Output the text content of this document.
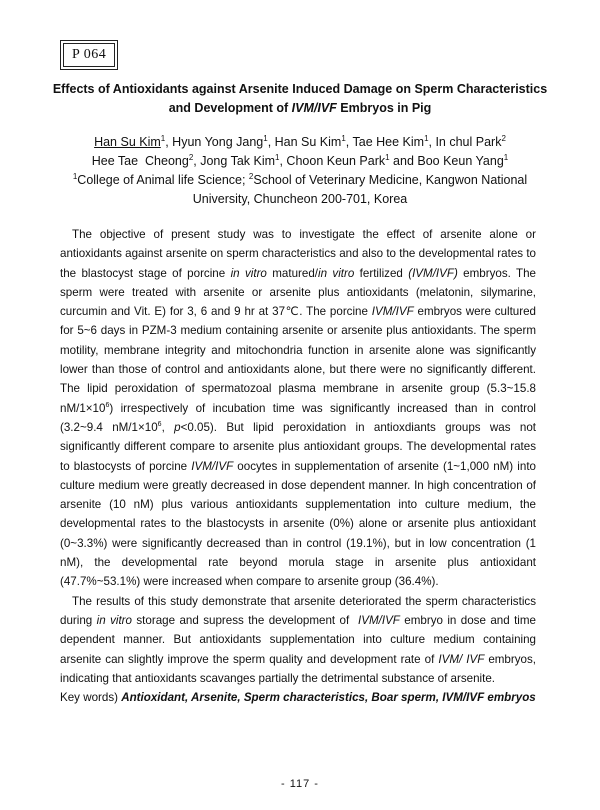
P 064
Effects of Antioxidants against Arsenite Induced Damage on Sperm Characteristics
and Development of IVM/IVF Embryos in Pig
Han Su Kim$^1$, Hyun Yong Jang$^1$, Han Su Kim$^1$, Tae Hee Kim$^1$, In chul Park$^2$
Hee Tae  Cheong$^2$, Jong Tak Kim$^1$, Choon Keun Park$^1$ and Boo Keun Yang$^1$
$^1$College of Animal life Science; $^2$School of Veterinary Medicine, Kangwon National
University, Chuncheon 200-701, Korea

The objective of present study was to investigate the effect of arsenite alone or antioxidants against arsenite on sperm characteristics and also to the developmental rates to the blastocyst stage of porcine in vitro matured/in vitro fertilized (IVM/IVF) embryos. The sperm were treated with arsenite or arsenite plus antioxidants (melatonin, silymarine, curcumin and Vit. E) for 3, 6 and 9 hr at 37℃. The porcine IVM/IVF embryos were cultured for 5~6 days in PZM-3 medium containing arsenite or arsenite plus antioxidants. The sperm motility, membrane integrity and mitochondria function in arsenite alone was significantly lower than those of control and antioxidants alone, but there were no significantly different. The lipid peroxidation of spermatozoal plasma membrane in arsenite group (5.3~15.8 $nM/1\times 10^6$) irrespectively of incubation time was significantly increased than in control (3.2~9.4 $nM/1\times 10^6$, p<0.05). But lipid peroxidation in antioxdiants groups was not significantly different compare to arsenite plus antioxidant groups. The developmental rates to blastocysts of porcine IVM/IVF oocytes in supplementation of arsenite (1~1,000 nM) into culture medium were greatly decreased in dose dependent manner. In high concentration of arsenite (10 nM) plus various antioxidants supplementation into culture medium, the developmental rates to the blastocysts in arsenite (0%) alone or arsenite plus antioxidant (0~3.3%) were significantly decreased than in control (19.1%), but in low concentration (1 nM), the developmental rate beyond morula stage in arsenite plus antioxidant (47.7%~53.1%) were increased when compare to arsenite group (36.4%).

The results of this study demonstrate that arsenite deteriorated the sperm characteristics during in vitro storage and supress the development of  IVM/IVF embryo in dose and time dependent manner. But antioxidants supplementation into culture medium containing arsenite can slightly improve the sperm quality and development rate of IVM/ IVF embryos, indicating that antioxidants scavanges partially the detrimental substance of arsenite.

Key words) Antioxidant, Arsenite, Sperm characteristics, Boar sperm, IVM/IVF embryos
- 117 -
